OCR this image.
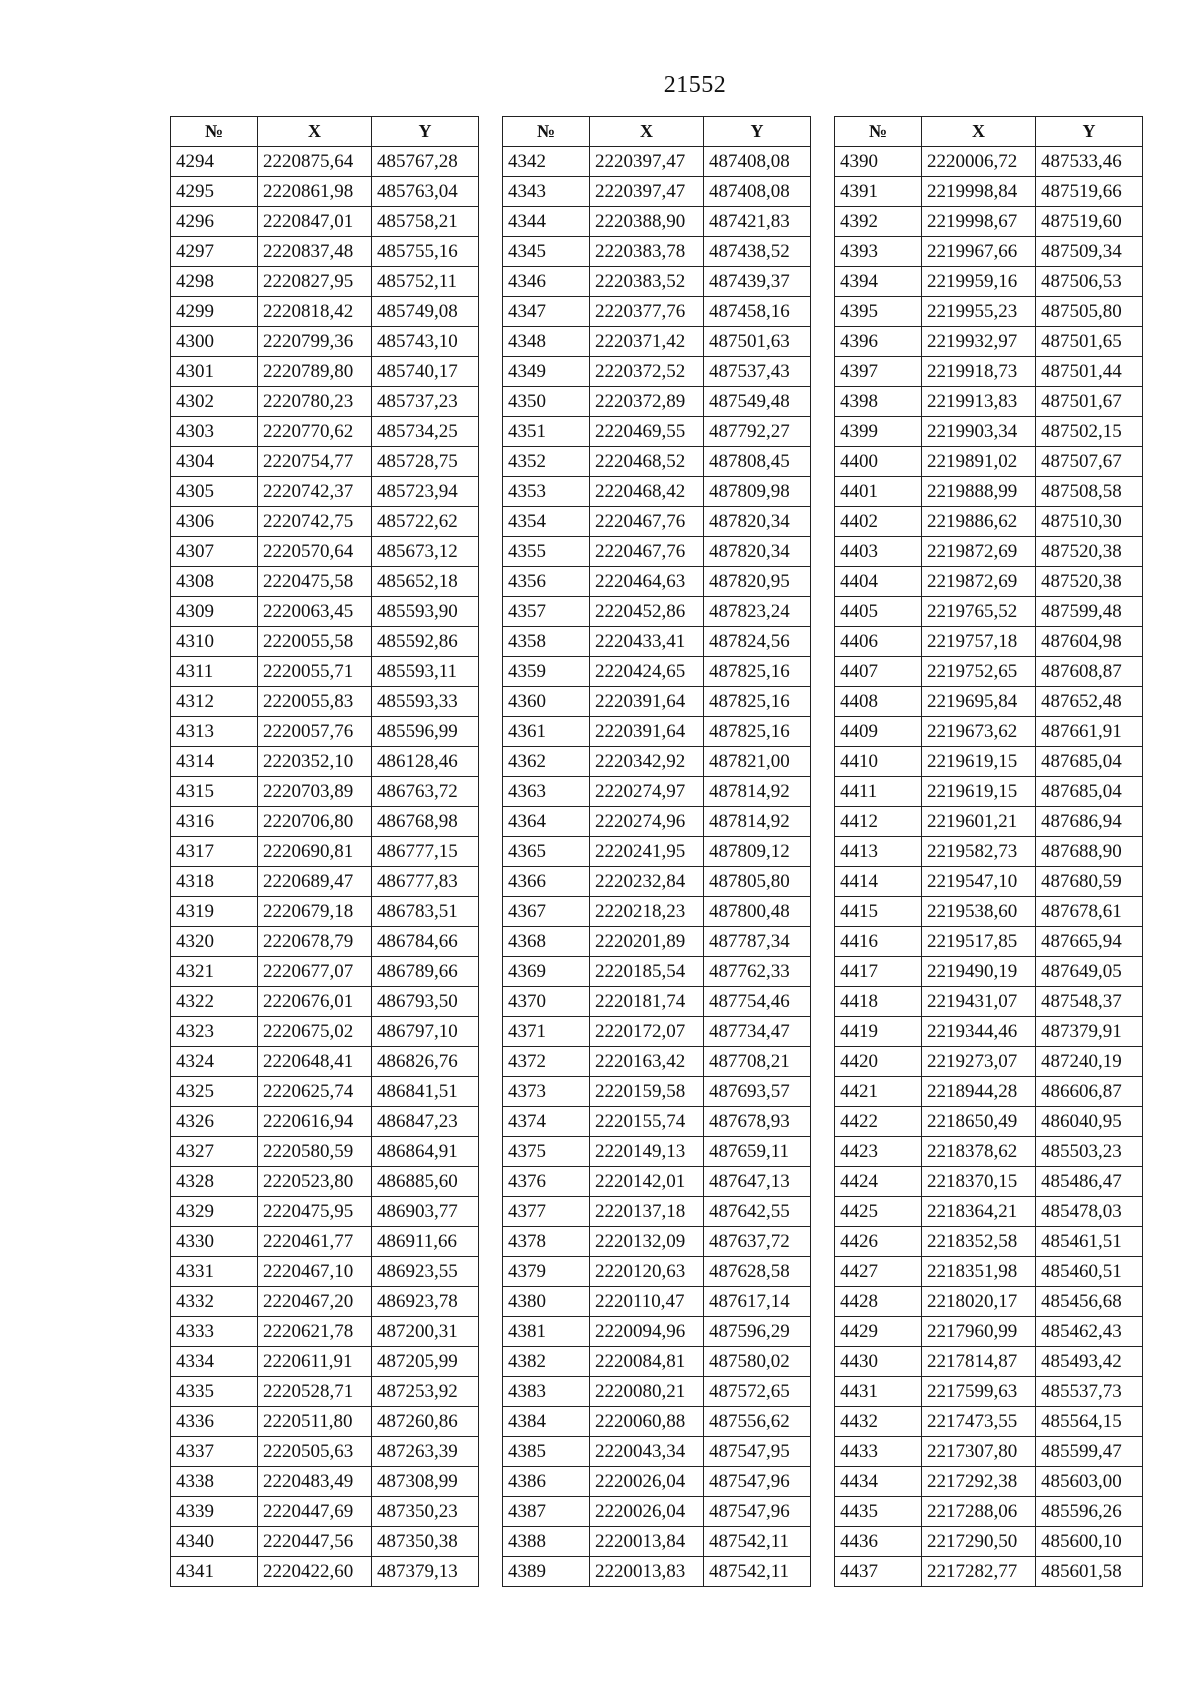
21552
№	X	Y
4294	2220875,64	485767,28
4295	2220861,98	485763,04
4296	2220847,01	485758,21
4297	2220837,48	485755,16
4298	2220827,95	485752,11
4299	2220818,42	485749,08
4300	2220799,36	485743,10
4301	2220789,80	485740,17
4302	2220780,23	485737,23
4303	2220770,62	485734,25
4304	2220754,77	485728,75
4305	2220742,37	485723,94
4306	2220742,75	485722,62
4307	2220570,64	485673,12
4308	2220475,58	485652,18
4309	2220063,45	485593,90
4310	2220055,58	485592,86
4311	2220055,71	485593,11
4312	2220055,83	485593,33
4313	2220057,76	485596,99
4314	2220352,10	486128,46
4315	2220703,89	486763,72
4316	2220706,80	486768,98
4317	2220690,81	486777,15
4318	2220689,47	486777,83
4319	2220679,18	486783,51
4320	2220678,79	486784,66
4321	2220677,07	486789,66
4322	2220676,01	486793,50
4323	2220675,02	486797,10
4324	2220648,41	486826,76
4325	2220625,74	486841,51
4326	2220616,94	486847,23
4327	2220580,59	486864,91
4328	2220523,80	486885,60
4329	2220475,95	486903,77
4330	2220461,77	486911,66
4331	2220467,10	486923,55
4332	2220467,20	486923,78
4333	2220621,78	487200,31
4334	2220611,91	487205,99
4335	2220528,71	487253,92
4336	2220511,80	487260,86
4337	2220505,63	487263,39
4338	2220483,49	487308,99
4339	2220447,69	487350,23
4340	2220447,56	487350,38
4341	2220422,60	487379,13
№	X	Y
4342	2220397,47	487408,08
4343	2220397,47	487408,08
4344	2220388,90	487421,83
4345	2220383,78	487438,52
4346	2220383,52	487439,37
4347	2220377,76	487458,16
4348	2220371,42	487501,63
4349	2220372,52	487537,43
4350	2220372,89	487549,48
4351	2220469,55	487792,27
4352	2220468,52	487808,45
4353	2220468,42	487809,98
4354	2220467,76	487820,34
4355	2220467,76	487820,34
4356	2220464,63	487820,95
4357	2220452,86	487823,24
4358	2220433,41	487824,56
4359	2220424,65	487825,16
4360	2220391,64	487825,16
4361	2220391,64	487825,16
4362	2220342,92	487821,00
4363	2220274,97	487814,92
4364	2220274,96	487814,92
4365	2220241,95	487809,12
4366	2220232,84	487805,80
4367	2220218,23	487800,48
4368	2220201,89	487787,34
4369	2220185,54	487762,33
4370	2220181,74	487754,46
4371	2220172,07	487734,47
4372	2220163,42	487708,21
4373	2220159,58	487693,57
4374	2220155,74	487678,93
4375	2220149,13	487659,11
4376	2220142,01	487647,13
4377	2220137,18	487642,55
4378	2220132,09	487637,72
4379	2220120,63	487628,58
4380	2220110,47	487617,14
4381	2220094,96	487596,29
4382	2220084,81	487580,02
4383	2220080,21	487572,65
4384	2220060,88	487556,62
4385	2220043,34	487547,95
4386	2220026,04	487547,96
4387	2220026,04	487547,96
4388	2220013,84	487542,11
4389	2220013,83	487542,11
№	X	Y
4390	2220006,72	487533,46
4391	2219998,84	487519,66
4392	2219998,67	487519,60
4393	2219967,66	487509,34
4394	2219959,16	487506,53
4395	2219955,23	487505,80
4396	2219932,97	487501,65
4397	2219918,73	487501,44
4398	2219913,83	487501,67
4399	2219903,34	487502,15
4400	2219891,02	487507,67
4401	2219888,99	487508,58
4402	2219886,62	487510,30
4403	2219872,69	487520,38
4404	2219872,69	487520,38
4405	2219765,52	487599,48
4406	2219757,18	487604,98
4407	2219752,65	487608,87
4408	2219695,84	487652,48
4409	2219673,62	487661,91
4410	2219619,15	487685,04
4411	2219619,15	487685,04
4412	2219601,21	487686,94
4413	2219582,73	487688,90
4414	2219547,10	487680,59
4415	2219538,60	487678,61
4416	2219517,85	487665,94
4417	2219490,19	487649,05
4418	2219431,07	487548,37
4419	2219344,46	487379,91
4420	2219273,07	487240,19
4421	2218944,28	486606,87
4422	2218650,49	486040,95
4423	2218378,62	485503,23
4424	2218370,15	485486,47
4425	2218364,21	485478,03
4426	2218352,58	485461,51
4427	2218351,98	485460,51
4428	2218020,17	485456,68
4429	2217960,99	485462,43
4430	2217814,87	485493,42
4431	2217599,63	485537,73
4432	2217473,55	485564,15
4433	2217307,80	485599,47
4434	2217292,38	485603,00
4435	2217288,06	485596,26
4436	2217290,50	485600,10
4437	2217282,77	485601,58
